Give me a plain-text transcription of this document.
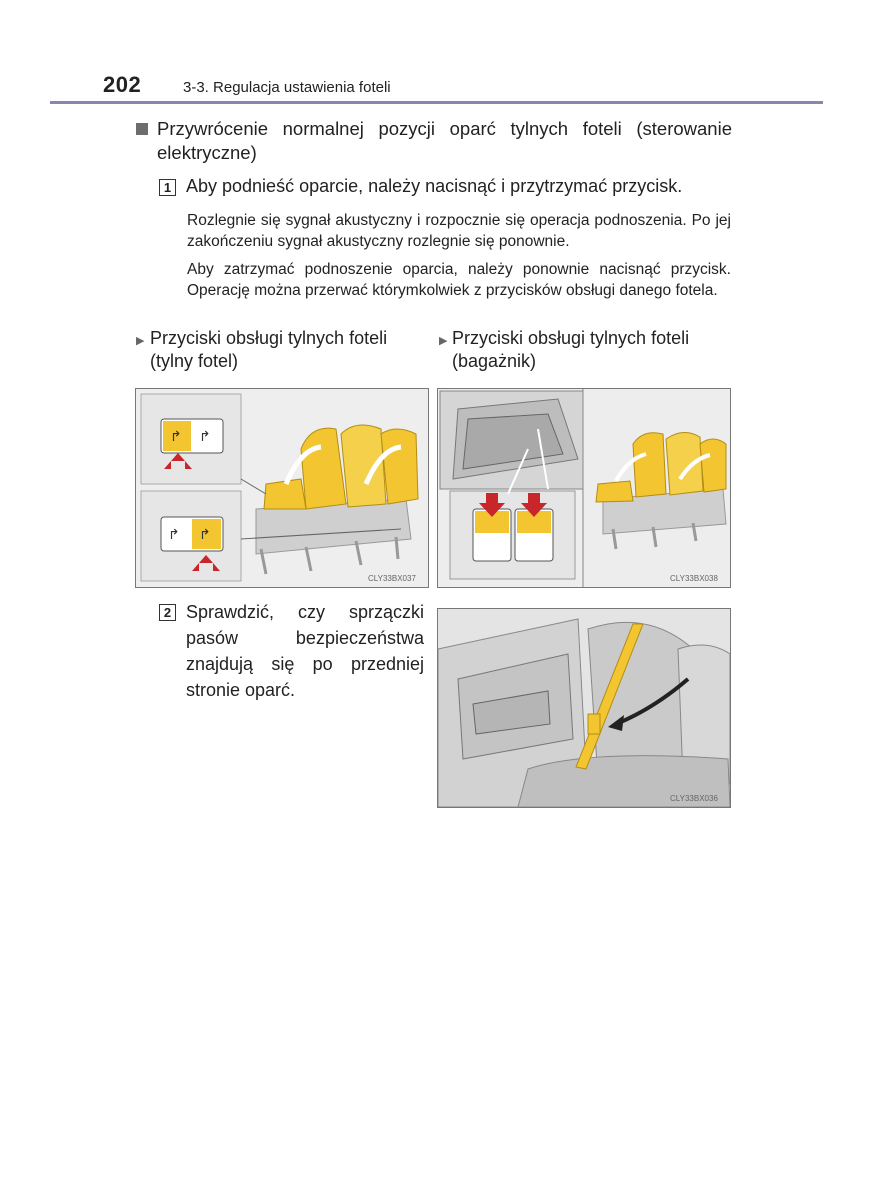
202	3-3. Regulacja ustawienia foteli
Przywrócenie normalnej pozycji oparć tylnych foteli (sterowanie elektryczne)
1 Aby podnieść oparcie, należy nacisnąć i przytrzymać przycisk.
Rozlegnie się sygnał akustyczny i rozpocznie się operacja podnoszenia. Po jej zakończeniu sygnał akustyczny rozlegnie się ponownie.
Aby zatrzymać podnoszenie oparcia, należy ponownie nacisnąć przycisk. Operację można przerwać którymkolwiek z przycisków obsługi danego fotela.
▶ Przyciski obsługi tylnych foteli (tylny fotel)
▶ Przyciski obsługi tylnych foteli (bagażnik)
↱ ↱
↱ ↱
CLY33BX037	CLY33BX038
2 Sprawdzić, czy sprzączki pasów bezpieczeństwa znajdują się po przedniej stronie oparć.
CLY33BX036
